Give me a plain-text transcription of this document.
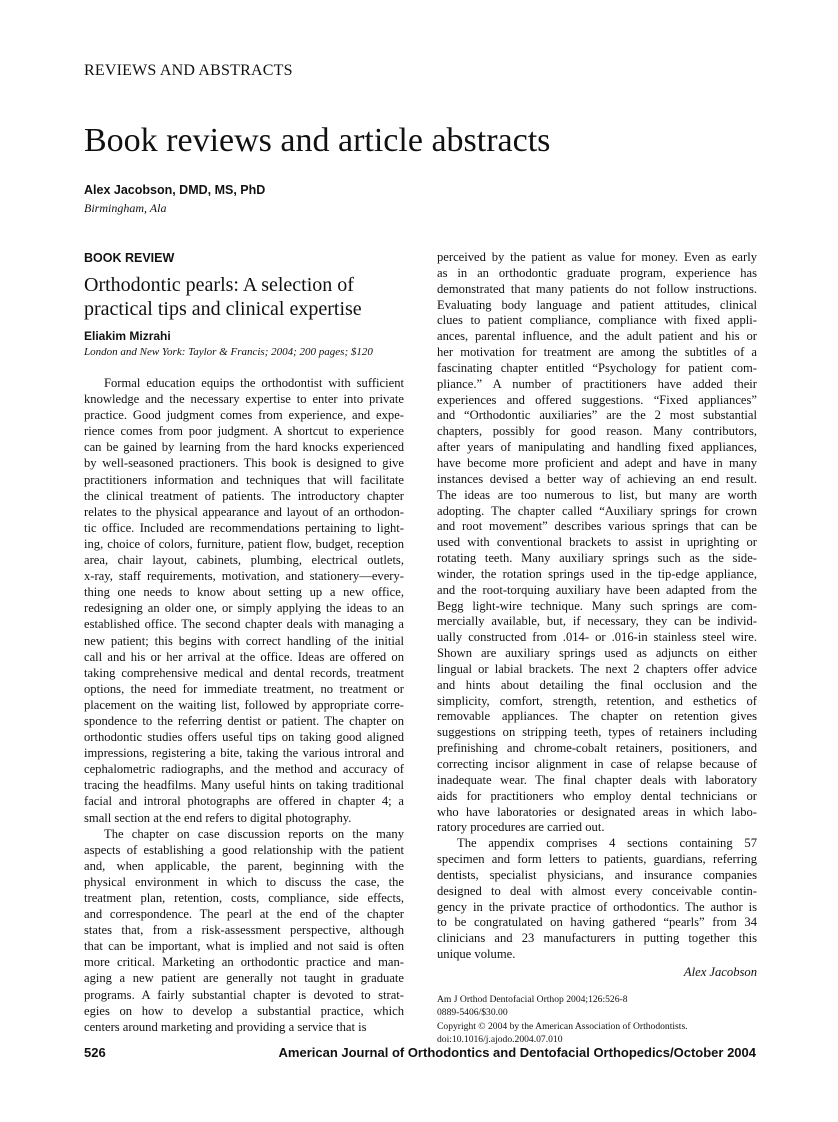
REVIEWS AND ABSTRACTS
Book reviews and article abstracts
Alex Jacobson, DMD, MS, PhD
Birmingham, Ala
BOOK REVIEW
Orthodontic pearls: A selection of
practical tips and clinical expertise
Eliakim Mizrahi
London and New York: Taylor & Francis; 2004; 200 pages; $120
Formal education equips the orthodontist with sufficient
knowledge and the necessary expertise to enter into private
practice. Good judgment comes from experience, and expe-
rience comes from poor judgment. A shortcut to experience
can be gained by learning from the hard knocks experienced
by well-seasoned practioners. This book is designed to give
practitioners information and techniques that will facilitate
the clinical treatment of patients. The introductory chapter
relates to the physical appearance and layout of an orthodon-
tic office. Included are recommendations pertaining to light-
ing, choice of colors, furniture, patient flow, budget, reception
area, chair layout, cabinets, plumbing, electrical outlets,
x-ray, staff requirements, motivation, and stationery—every-
thing one needs to know about setting up a new office,
redesigning an older one, or simply applying the ideas to an
established office. The second chapter deals with managing a
new patient; this begins with correct handling of the initial
call and his or her arrival at the office. Ideas are offered on
taking comprehensive medical and dental records, treatment
options, the need for immediate treatment, no treatment or
placement on the waiting list, followed by appropriate corre-
spondence to the referring dentist or patient. The chapter on
orthodontic studies offers useful tips on taking good aligned
impressions, registering a bite, taking the various introral and
cephalometric radiographs, and the method and accuracy of
tracing the headfilms. Many useful hints on taking traditional
facial and introral photographs are offered in chapter 4; a
small section at the end refers to digital photography.
The chapter on case discussion reports on the many
aspects of establishing a good relationship with the patient
and, when applicable, the parent, beginning with the
physical environment in which to discuss the case, the
treatment plan, retention, costs, compliance, side effects,
and correspondence. The pearl at the end of the chapter
states that, from a risk-assessment perspective, although
that can be important, what is implied and not said is often
more critical. Marketing an orthodontic practice and man-
aging a new patient are generally not taught in graduate
programs. A fairly substantial chapter is devoted to strat-
egies on how to develop a substantial practice, which
centers around marketing and providing a service that is
perceived by the patient as value for money. Even as early
as in an orthodontic graduate program, experience has
demonstrated that many patients do not follow instructions.
Evaluating body language and patient attitudes, clinical
clues to patient compliance, compliance with fixed appli-
ances, parental influence, and the adult patient and his or
her motivation for treatment are among the subtitles of a
fascinating chapter entitled “Psychology for patient com-
pliance.” A number of practitioners have added their
experiences and offered suggestions. “Fixed appliances”
and “Orthodontic auxiliaries” are the 2 most substantial
chapters, possibly for good reason. Many contributors,
after years of manipulating and handling fixed appliances,
have become more proficient and adept and have in many
instances devised a better way of achieving an end result.
The ideas are too numerous to list, but many are worth
adopting. The chapter called “Auxiliary springs for crown
and root movement” describes various springs that can be
used with conventional brackets to assist in uprighting or
rotating teeth. Many auxiliary springs such as the side-
winder, the rotation springs used in the tip-edge appliance,
and the root-torquing auxiliary have been adapted from the
Begg light-wire technique. Many such springs are com-
mercially available, but, if necessary, they can be individ-
ually constructed from .014- or .016-in stainless steel wire.
Shown are auxiliary springs used as adjuncts on either
lingual or labial brackets. The next 2 chapters offer advice
and hints about detailing the final occlusion and the
simplicity, comfort, strength, retention, and esthetics of
removable appliances. The chapter on retention gives
suggestions on stripping teeth, types of retainers including
prefinishing and chrome-cobalt retainers, positioners, and
correcting incisor alignment in case of relapse because of
inadequate wear. The final chapter deals with laboratory
aids for practitioners who employ dental technicians or
who have laboratories or designated areas in which labo-
ratory procedures are carried out.
The appendix comprises 4 sections containing 57
specimen and form letters to patients, guardians, referring
dentists, specialist physicians, and insurance companies
designed to deal with almost every conceivable contin-
gency in the private practice of orthodontics. The author is
to be congratulated on having gathered “pearls” from 34
clinicians and 23 manufacturers in putting together this
unique volume.
Alex Jacobson
Am J Orthod Dentofacial Orthop 2004;126:526-8
0889-5406/$30.00
Copyright © 2004 by the American Association of Orthodontists.
doi:10.1016/j.ajodo.2004.07.010
526	American Journal of Orthodontics and Dentofacial Orthopedics/October 2004
